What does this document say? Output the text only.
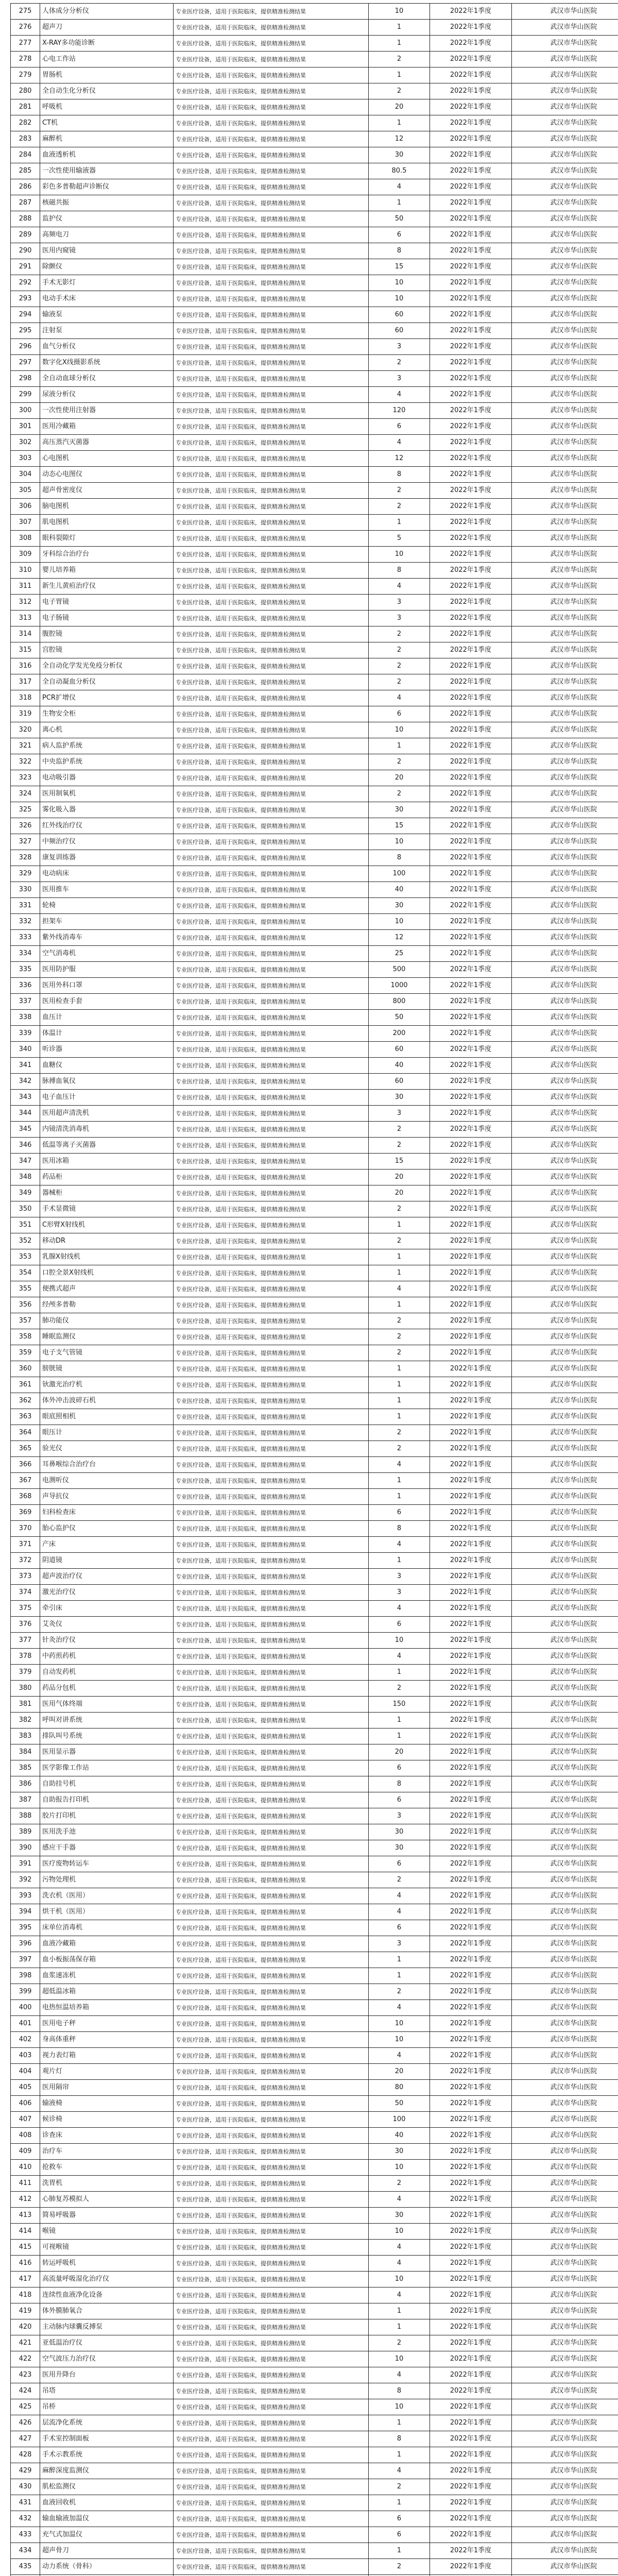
275	人体成分分析仪	专业医疗设备，适用于医院临床，提供精准检测结果	10	2022年1季度	武汉市华山医院
276	超声刀	专业医疗设备，适用于医院临床，提供精准检测结果	1	2022年1季度	武汉市华山医院
277	X-RAY多功能诊断	专业医疗设备，适用于医院临床，提供精准检测结果	1	2022年1季度	武汉市华山医院
278	心电工作站	专业医疗设备，适用于医院临床，提供精准检测结果	2	2022年1季度	武汉市华山医院
279	胃肠机	专业医疗设备，适用于医院临床，提供精准检测结果	1	2022年1季度	武汉市华山医院
280	全自动生化分析仪	专业医疗设备，适用于医院临床，提供精准检测结果	2	2022年1季度	武汉市华山医院
281	呼吸机	专业医疗设备，适用于医院临床，提供精准检测结果	20	2022年1季度	武汉市华山医院
282	CT机	专业医疗设备，适用于医院临床，提供精准检测结果	1	2022年1季度	武汉市华山医院
283	麻醉机	专业医疗设备，适用于医院临床，提供精准检测结果	12	2022年1季度	武汉市华山医院
284	血液透析机	专业医疗设备，适用于医院临床，提供精准检测结果	30	2022年1季度	武汉市华山医院
285	一次性使用输液器	专业医疗设备，适用于医院临床，提供精准检测结果	80.5	2022年1季度	武汉市华山医院
286	彩色多普勒超声诊断仪	专业医疗设备，适用于医院临床，提供精准检测结果	4	2022年1季度	武汉市华山医院
287	核磁共振	专业医疗设备，适用于医院临床，提供精准检测结果	1	2022年1季度	武汉市华山医院
288	监护仪	专业医疗设备，适用于医院临床，提供精准检测结果	50	2022年1季度	武汉市华山医院
289	高频电刀	专业医疗设备，适用于医院临床，提供精准检测结果	6	2022年1季度	武汉市华山医院
290	医用内窥镜	专业医疗设备，适用于医院临床，提供精准检测结果	8	2022年1季度	武汉市华山医院
291	除颤仪	专业医疗设备，适用于医院临床，提供精准检测结果	15	2022年1季度	武汉市华山医院
292	手术无影灯	专业医疗设备，适用于医院临床，提供精准检测结果	10	2022年1季度	武汉市华山医院
293	电动手术床	专业医疗设备，适用于医院临床，提供精准检测结果	10	2022年1季度	武汉市华山医院
294	输液泵	专业医疗设备，适用于医院临床，提供精准检测结果	60	2022年1季度	武汉市华山医院
295	注射泵	专业医疗设备，适用于医院临床，提供精准检测结果	60	2022年1季度	武汉市华山医院
296	血气分析仪	专业医疗设备，适用于医院临床，提供精准检测结果	3	2022年1季度	武汉市华山医院
297	数字化X线摄影系统	专业医疗设备，适用于医院临床，提供精准检测结果	2	2022年1季度	武汉市华山医院
298	全自动血球分析仪	专业医疗设备，适用于医院临床，提供精准检测结果	3	2022年1季度	武汉市华山医院
299	尿液分析仪	专业医疗设备，适用于医院临床，提供精准检测结果	4	2022年1季度	武汉市华山医院
300	一次性使用注射器	专业医疗设备，适用于医院临床，提供精准检测结果	120	2022年1季度	武汉市华山医院
301	医用冷藏箱	专业医疗设备，适用于医院临床，提供精准检测结果	6	2022年1季度	武汉市华山医院
302	高压蒸汽灭菌器	专业医疗设备，适用于医院临床，提供精准检测结果	4	2022年1季度	武汉市华山医院
303	心电图机	专业医疗设备，适用于医院临床，提供精准检测结果	12	2022年1季度	武汉市华山医院
304	动态心电图仪	专业医疗设备，适用于医院临床，提供精准检测结果	8	2022年1季度	武汉市华山医院
305	超声骨密度仪	专业医疗设备，适用于医院临床，提供精准检测结果	2	2022年1季度	武汉市华山医院
306	脑电图机	专业医疗设备，适用于医院临床，提供精准检测结果	2	2022年1季度	武汉市华山医院
307	肌电图机	专业医疗设备，适用于医院临床，提供精准检测结果	1	2022年1季度	武汉市华山医院
308	眼科裂隙灯	专业医疗设备，适用于医院临床，提供精准检测结果	5	2022年1季度	武汉市华山医院
309	牙科综合治疗台	专业医疗设备，适用于医院临床，提供精准检测结果	10	2022年1季度	武汉市华山医院
310	婴儿培养箱	专业医疗设备，适用于医院临床，提供精准检测结果	8	2022年1季度	武汉市华山医院
311	新生儿黄疸治疗仪	专业医疗设备，适用于医院临床，提供精准检测结果	4	2022年1季度	武汉市华山医院
312	电子胃镜	专业医疗设备，适用于医院临床，提供精准检测结果	3	2022年1季度	武汉市华山医院
313	电子肠镜	专业医疗设备，适用于医院临床，提供精准检测结果	3	2022年1季度	武汉市华山医院
314	腹腔镜	专业医疗设备，适用于医院临床，提供精准检测结果	2	2022年1季度	武汉市华山医院
315	宫腔镜	专业医疗设备，适用于医院临床，提供精准检测结果	2	2022年1季度	武汉市华山医院
316	全自动化学发光免疫分析仪	专业医疗设备，适用于医院临床，提供精准检测结果	2	2022年1季度	武汉市华山医院
317	全自动凝血分析仪	专业医疗设备，适用于医院临床，提供精准检测结果	2	2022年1季度	武汉市华山医院
318	PCR扩增仪	专业医疗设备，适用于医院临床，提供精准检测结果	4	2022年1季度	武汉市华山医院
319	生物安全柜	专业医疗设备，适用于医院临床，提供精准检测结果	6	2022年1季度	武汉市华山医院
320	离心机	专业医疗设备，适用于医院临床，提供精准检测结果	10	2022年1季度	武汉市华山医院
321	病人监护系统	专业医疗设备，适用于医院临床，提供精准检测结果	1	2022年1季度	武汉市华山医院
322	中央监护系统	专业医疗设备，适用于医院临床，提供精准检测结果	2	2022年1季度	武汉市华山医院
323	电动吸引器	专业医疗设备，适用于医院临床，提供精准检测结果	20	2022年1季度	武汉市华山医院
324	医用制氧机	专业医疗设备，适用于医院临床，提供精准检测结果	2	2022年1季度	武汉市华山医院
325	雾化吸入器	专业医疗设备，适用于医院临床，提供精准检测结果	30	2022年1季度	武汉市华山医院
326	红外线治疗仪	专业医疗设备，适用于医院临床，提供精准检测结果	15	2022年1季度	武汉市华山医院
327	中频治疗仪	专业医疗设备，适用于医院临床，提供精准检测结果	10	2022年1季度	武汉市华山医院
328	康复训练器	专业医疗设备，适用于医院临床，提供精准检测结果	8	2022年1季度	武汉市华山医院
329	电动病床	专业医疗设备，适用于医院临床，提供精准检测结果	100	2022年1季度	武汉市华山医院
330	医用推车	专业医疗设备，适用于医院临床，提供精准检测结果	40	2022年1季度	武汉市华山医院
331	轮椅	专业医疗设备，适用于医院临床，提供精准检测结果	30	2022年1季度	武汉市华山医院
332	担架车	专业医疗设备，适用于医院临床，提供精准检测结果	10	2022年1季度	武汉市华山医院
333	紫外线消毒车	专业医疗设备，适用于医院临床，提供精准检测结果	12	2022年1季度	武汉市华山医院
334	空气消毒机	专业医疗设备，适用于医院临床，提供精准检测结果	25	2022年1季度	武汉市华山医院
335	医用防护服	专业医疗设备，适用于医院临床，提供精准检测结果	500	2022年1季度	武汉市华山医院
336	医用外科口罩	专业医疗设备，适用于医院临床，提供精准检测结果	1000	2022年1季度	武汉市华山医院
337	医用检查手套	专业医疗设备，适用于医院临床，提供精准检测结果	800	2022年1季度	武汉市华山医院
338	血压计	专业医疗设备，适用于医院临床，提供精准检测结果	50	2022年1季度	武汉市华山医院
339	体温计	专业医疗设备，适用于医院临床，提供精准检测结果	200	2022年1季度	武汉市华山医院
340	听诊器	专业医疗设备，适用于医院临床，提供精准检测结果	60	2022年1季度	武汉市华山医院
341	血糖仪	专业医疗设备，适用于医院临床，提供精准检测结果	40	2022年1季度	武汉市华山医院
342	脉搏血氧仪	专业医疗设备，适用于医院临床，提供精准检测结果	60	2022年1季度	武汉市华山医院
343	电子血压计	专业医疗设备，适用于医院临床，提供精准检测结果	30	2022年1季度	武汉市华山医院
344	医用超声清洗机	专业医疗设备，适用于医院临床，提供精准检测结果	3	2022年1季度	武汉市华山医院
345	内镜清洗消毒机	专业医疗设备，适用于医院临床，提供精准检测结果	2	2022年1季度	武汉市华山医院
346	低温等离子灭菌器	专业医疗设备，适用于医院临床，提供精准检测结果	2	2022年1季度	武汉市华山医院
347	医用冰箱	专业医疗设备，适用于医院临床，提供精准检测结果	15	2022年1季度	武汉市华山医院
348	药品柜	专业医疗设备，适用于医院临床，提供精准检测结果	20	2022年1季度	武汉市华山医院
349	器械柜	专业医疗设备，适用于医院临床，提供精准检测结果	20	2022年1季度	武汉市华山医院
350	手术显微镜	专业医疗设备，适用于医院临床，提供精准检测结果	2	2022年1季度	武汉市华山医院
351	C形臂X射线机	专业医疗设备，适用于医院临床，提供精准检测结果	1	2022年1季度	武汉市华山医院
352	移动DR	专业医疗设备，适用于医院临床，提供精准检测结果	2	2022年1季度	武汉市华山医院
353	乳腺X射线机	专业医疗设备，适用于医院临床，提供精准检测结果	1	2022年1季度	武汉市华山医院
354	口腔全景X射线机	专业医疗设备，适用于医院临床，提供精准检测结果	1	2022年1季度	武汉市华山医院
355	便携式超声	专业医疗设备，适用于医院临床，提供精准检测结果	4	2022年1季度	武汉市华山医院
356	经颅多普勒	专业医疗设备，适用于医院临床，提供精准检测结果	1	2022年1季度	武汉市华山医院
357	肺功能仪	专业医疗设备，适用于医院临床，提供精准检测结果	2	2022年1季度	武汉市华山医院
358	睡眠监测仪	专业医疗设备，适用于医院临床，提供精准检测结果	2	2022年1季度	武汉市华山医院
359	电子支气管镜	专业医疗设备，适用于医院临床，提供精准检测结果	2	2022年1季度	武汉市华山医院
360	膀胱镜	专业医疗设备，适用于医院临床，提供精准检测结果	1	2022年1季度	武汉市华山医院
361	钬激光治疗机	专业医疗设备，适用于医院临床，提供精准检测结果	1	2022年1季度	武汉市华山医院
362	体外冲击波碎石机	专业医疗设备，适用于医院临床，提供精准检测结果	1	2022年1季度	武汉市华山医院
363	眼底照相机	专业医疗设备，适用于医院临床，提供精准检测结果	1	2022年1季度	武汉市华山医院
364	眼压计	专业医疗设备，适用于医院临床，提供精准检测结果	2	2022年1季度	武汉市华山医院
365	验光仪	专业医疗设备，适用于医院临床，提供精准检测结果	2	2022年1季度	武汉市华山医院
366	耳鼻喉综合治疗台	专业医疗设备，适用于医院临床，提供精准检测结果	4	2022年1季度	武汉市华山医院
367	电测听仪	专业医疗设备，适用于医院临床，提供精准检测结果	1	2022年1季度	武汉市华山医院
368	声导抗仪	专业医疗设备，适用于医院临床，提供精准检测结果	1	2022年1季度	武汉市华山医院
369	妇科检查床	专业医疗设备，适用于医院临床，提供精准检测结果	6	2022年1季度	武汉市华山医院
370	胎心监护仪	专业医疗设备，适用于医院临床，提供精准检测结果	8	2022年1季度	武汉市华山医院
371	产床	专业医疗设备，适用于医院临床，提供精准检测结果	4	2022年1季度	武汉市华山医院
372	阴道镜	专业医疗设备，适用于医院临床，提供精准检测结果	1	2022年1季度	武汉市华山医院
373	超声波治疗仪	专业医疗设备，适用于医院临床，提供精准检测结果	3	2022年1季度	武汉市华山医院
374	激光治疗仪	专业医疗设备，适用于医院临床，提供精准检测结果	3	2022年1季度	武汉市华山医院
375	牵引床	专业医疗设备，适用于医院临床，提供精准检测结果	4	2022年1季度	武汉市华山医院
376	艾灸仪	专业医疗设备，适用于医院临床，提供精准检测结果	6	2022年1季度	武汉市华山医院
377	针灸治疗仪	专业医疗设备，适用于医院临床，提供精准检测结果	10	2022年1季度	武汉市华山医院
378	中药煎药机	专业医疗设备，适用于医院临床，提供精准检测结果	4	2022年1季度	武汉市华山医院
379	自动发药机	专业医疗设备，适用于医院临床，提供精准检测结果	1	2022年1季度	武汉市华山医院
380	药品分包机	专业医疗设备，适用于医院临床，提供精准检测结果	2	2022年1季度	武汉市华山医院
381	医用气体终端	专业医疗设备，适用于医院临床，提供精准检测结果	150	2022年1季度	武汉市华山医院
382	呼叫对讲系统	专业医疗设备，适用于医院临床，提供精准检测结果	1	2022年1季度	武汉市华山医院
383	排队叫号系统	专业医疗设备，适用于医院临床，提供精准检测结果	1	2022年1季度	武汉市华山医院
384	医用显示器	专业医疗设备，适用于医院临床，提供精准检测结果	20	2022年1季度	武汉市华山医院
385	医学影像工作站	专业医疗设备，适用于医院临床，提供精准检测结果	6	2022年1季度	武汉市华山医院
386	自助挂号机	专业医疗设备，适用于医院临床，提供精准检测结果	8	2022年1季度	武汉市华山医院
387	自助报告打印机	专业医疗设备，适用于医院临床，提供精准检测结果	6	2022年1季度	武汉市华山医院
388	胶片打印机	专业医疗设备，适用于医院临床，提供精准检测结果	3	2022年1季度	武汉市华山医院
389	医用洗手池	专业医疗设备，适用于医院临床，提供精准检测结果	30	2022年1季度	武汉市华山医院
390	感应干手器	专业医疗设备，适用于医院临床，提供精准检测结果	30	2022年1季度	武汉市华山医院
391	医疗废物转运车	专业医疗设备，适用于医院临床，提供精准检测结果	6	2022年1季度	武汉市华山医院
392	污物处理机	专业医疗设备，适用于医院临床，提供精准检测结果	2	2022年1季度	武汉市华山医院
393	洗衣机（医用）	专业医疗设备，适用于医院临床，提供精准检测结果	4	2022年1季度	武汉市华山医院
394	烘干机（医用）	专业医疗设备，适用于医院临床，提供精准检测结果	4	2022年1季度	武汉市华山医院
395	床单位消毒机	专业医疗设备，适用于医院临床，提供精准检测结果	6	2022年1季度	武汉市华山医院
396	血液冷藏箱	专业医疗设备，适用于医院临床，提供精准检测结果	3	2022年1季度	武汉市华山医院
397	血小板振荡保存箱	专业医疗设备，适用于医院临床，提供精准检测结果	1	2022年1季度	武汉市华山医院
398	血浆速冻机	专业医疗设备，适用于医院临床，提供精准检测结果	1	2022年1季度	武汉市华山医院
399	超低温冰箱	专业医疗设备，适用于医院临床，提供精准检测结果	2	2022年1季度	武汉市华山医院
400	电热恒温培养箱	专业医疗设备，适用于医院临床，提供精准检测结果	4	2022年1季度	武汉市华山医院
401	医用电子秤	专业医疗设备，适用于医院临床，提供精准检测结果	10	2022年1季度	武汉市华山医院
402	身高体重秤	专业医疗设备，适用于医院临床，提供精准检测结果	10	2022年1季度	武汉市华山医院
403	视力表灯箱	专业医疗设备，适用于医院临床，提供精准检测结果	4	2022年1季度	武汉市华山医院
404	观片灯	专业医疗设备，适用于医院临床，提供精准检测结果	20	2022年1季度	武汉市华山医院
405	医用隔帘	专业医疗设备，适用于医院临床，提供精准检测结果	80	2022年1季度	武汉市华山医院
406	输液椅	专业医疗设备，适用于医院临床，提供精准检测结果	50	2022年1季度	武汉市华山医院
407	候诊椅	专业医疗设备，适用于医院临床，提供精准检测结果	100	2022年1季度	武汉市华山医院
408	诊查床	专业医疗设备，适用于医院临床，提供精准检测结果	40	2022年1季度	武汉市华山医院
409	治疗车	专业医疗设备，适用于医院临床，提供精准检测结果	30	2022年1季度	武汉市华山医院
410	抢救车	专业医疗设备，适用于医院临床，提供精准检测结果	10	2022年1季度	武汉市华山医院
411	洗胃机	专业医疗设备，适用于医院临床，提供精准检测结果	2	2022年1季度	武汉市华山医院
412	心肺复苏模拟人	专业医疗设备，适用于医院临床，提供精准检测结果	4	2022年1季度	武汉市华山医院
413	简易呼吸器	专业医疗设备，适用于医院临床，提供精准检测结果	30	2022年1季度	武汉市华山医院
414	喉镜	专业医疗设备，适用于医院临床，提供精准检测结果	10	2022年1季度	武汉市华山医院
415	可视喉镜	专业医疗设备，适用于医院临床，提供精准检测结果	4	2022年1季度	武汉市华山医院
416	转运呼吸机	专业医疗设备，适用于医院临床，提供精准检测结果	4	2022年1季度	武汉市华山医院
417	高流量呼吸湿化治疗仪	专业医疗设备，适用于医院临床，提供精准检测结果	10	2022年1季度	武汉市华山医院
418	连续性血液净化设备	专业医疗设备，适用于医院临床，提供精准检测结果	4	2022年1季度	武汉市华山医院
419	体外膜肺氧合	专业医疗设备，适用于医院临床，提供精准检测结果	1	2022年1季度	武汉市华山医院
420	主动脉内球囊反搏泵	专业医疗设备，适用于医院临床，提供精准检测结果	1	2022年1季度	武汉市华山医院
421	亚低温治疗仪	专业医疗设备，适用于医院临床，提供精准检测结果	2	2022年1季度	武汉市华山医院
422	空气波压力治疗仪	专业医疗设备，适用于医院临床，提供精准检测结果	10	2022年1季度	武汉市华山医院
423	医用升降台	专业医疗设备，适用于医院临床，提供精准检测结果	4	2022年1季度	武汉市华山医院
424	吊塔	专业医疗设备，适用于医院临床，提供精准检测结果	8	2022年1季度	武汉市华山医院
425	吊桥	专业医疗设备，适用于医院临床，提供精准检测结果	10	2022年1季度	武汉市华山医院
426	层流净化系统	专业医疗设备，适用于医院临床，提供精准检测结果	1	2022年1季度	武汉市华山医院
427	手术室控制面板	专业医疗设备，适用于医院临床，提供精准检测结果	8	2022年1季度	武汉市华山医院
428	手术示教系统	专业医疗设备，适用于医院临床，提供精准检测结果	1	2022年1季度	武汉市华山医院
429	麻醉深度监测仪	专业医疗设备，适用于医院临床，提供精准检测结果	4	2022年1季度	武汉市华山医院
430	肌松监测仪	专业医疗设备，适用于医院临床，提供精准检测结果	2	2022年1季度	武汉市华山医院
431	血液回收机	专业医疗设备，适用于医院临床，提供精准检测结果	1	2022年1季度	武汉市华山医院
432	输血输液加温仪	专业医疗设备，适用于医院临床，提供精准检测结果	6	2022年1季度	武汉市华山医院
433	充气式加温仪	专业医疗设备，适用于医院临床，提供精准检测结果	6	2022年1季度	武汉市华山医院
434	超声骨刀	专业医疗设备，适用于医院临床，提供精准检测结果	1	2022年1季度	武汉市华山医院
435	动力系统（骨科）	专业医疗设备，适用于医院临床，提供精准检测结果	2	2022年1季度	武汉市华山医院
